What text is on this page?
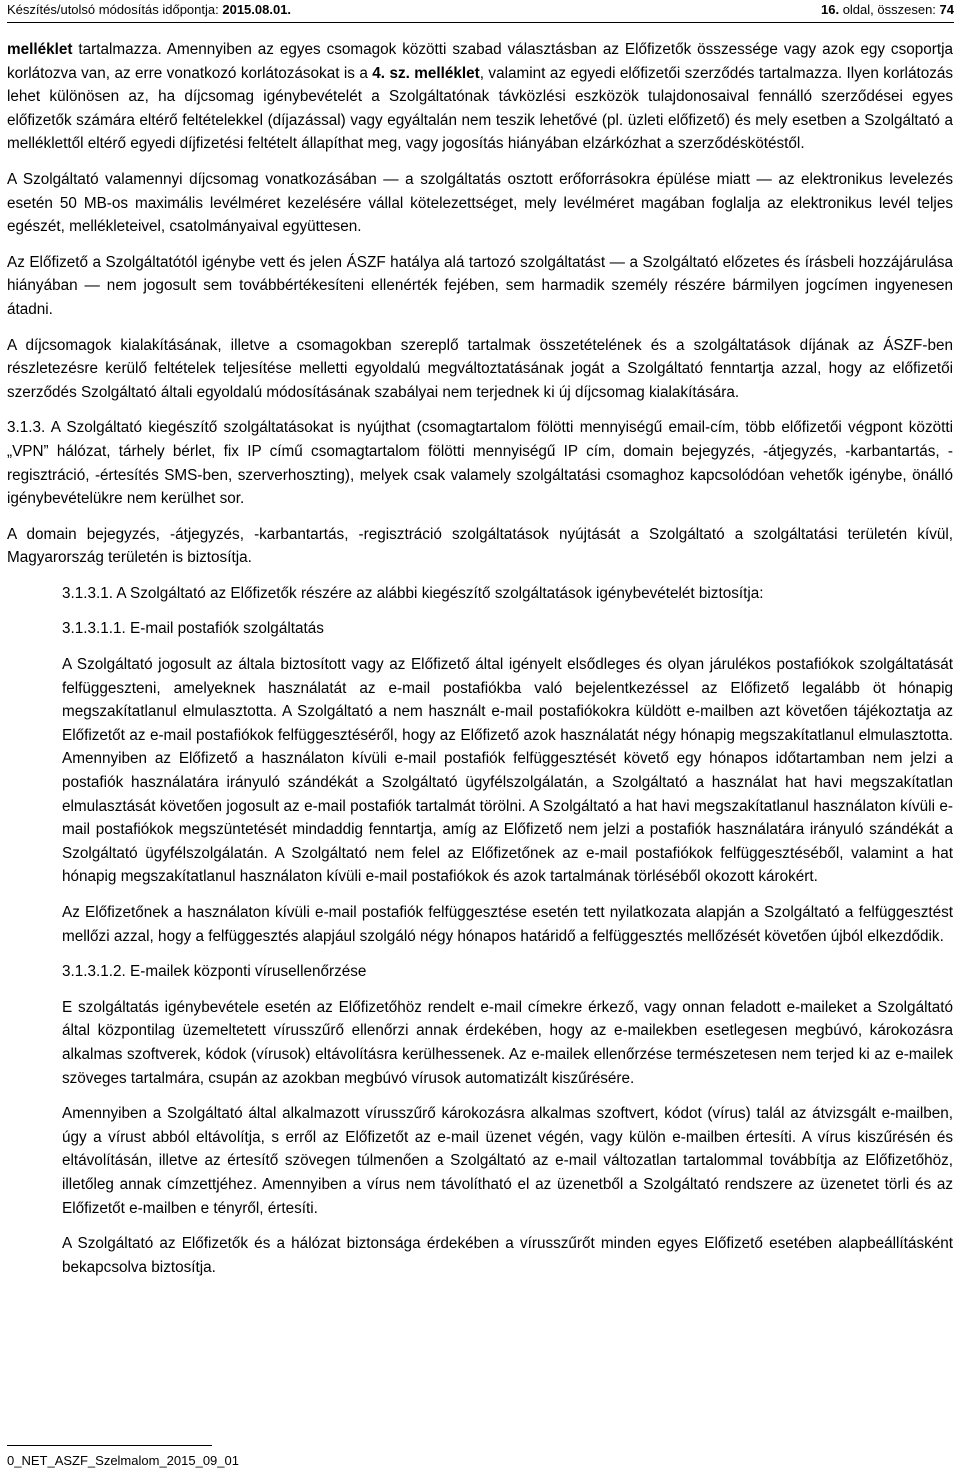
Készítés/utolsó módosítás időpontja: 2015.08.01.	16. oldal, összesen: 74

melléklet tartalmazza. Amennyiben az egyes csomagok közötti szabad választásban az Előfizetők összessége vagy azok egy csoportja korlátozva van, az erre vonatkozó korlátozásokat is a 4. sz. melléklet, valamint az egyedi előfizetői szerződés tartalmazza. Ilyen korlátozás lehet különösen az, ha díjcsomag igénybevételét a Szolgáltatónak távközlési eszközök tulajdonosaival fennálló szerződései egyes előfizetők számára eltérő feltételekkel (díjazással) vagy egyáltalán nem teszik lehetővé (pl. üzleti előfizető) és mely esetben a Szolgáltató a melléklettől eltérő egyedi díjfizetési feltételt állapíthat meg, vagy jogosítás hiányában elzárkózhat a szerződéskötéstől.

A Szolgáltató valamennyi díjcsomag vonatkozásában — a szolgáltatás osztott erőforrásokra épülése miatt — az elektronikus levelezés esetén 50 MB-os maximális levélméret kezelésére vállal kötelezettséget, mely levélméret magában foglalja az elektronikus levél teljes egészét, mellékleteivel, csatolmányaival együttesen.

Az Előfizető a Szolgáltatótól igénybe vett és jelen ÁSZF hatálya alá tartozó szolgáltatást — a Szolgáltató előzetes és írásbeli hozzájárulása hiányában — nem jogosult sem továbbértékesíteni ellenérték fejében, sem harmadik személy részére bármilyen jogcímen ingyenesen átadni.

A díjcsomagok kialakításának, illetve a csomagokban szereplő tartalmak összetételének és a szolgáltatások díjának az ÁSZF-ben részletezésre kerülő feltételek teljesítése melletti egyoldalú megváltoztatásának jogát a Szolgáltató fenntartja azzal, hogy az előfizetői szerződés Szolgáltató általi egyoldalú módosításának szabályai nem terjednek ki új díjcsomag kialakítására.

3.1.3. A Szolgáltató kiegészítő szolgáltatásokat is nyújthat (csomagtartalom fölötti mennyiségű email-cím, több előfizetői végpont közötti „VPN” hálózat, tárhely bérlet, fix IP című csomagtartalom fölötti mennyiségű IP cím, domain bejegyzés, -átjegyzés, -karbantartás, -regisztráció, -értesítés SMS-ben, szerverhoszting), melyek csak valamely szolgáltatási csomaghoz kapcsolódóan vehetők igénybe, önálló igénybevételükre nem kerülhet sor.

A domain bejegyzés, -átjegyzés, -karbantartás, -regisztráció szolgáltatások nyújtását a Szolgáltató a szolgáltatási területén kívül, Magyarország területén is biztosítja.

3.1.3.1. A Szolgáltató az Előfizetők részére az alábbi kiegészítő szolgáltatások igénybevételét biztosítja:

3.1.3.1.1. E-mail postafiók szolgáltatás

A Szolgáltató jogosult az általa biztosított vagy az Előfizető által igényelt elsődleges és olyan járulékos postafiókok szolgáltatását felfüggeszteni, amelyeknek használatát az e-mail postafiókba való bejelentkezéssel az Előfizető legalább öt hónapig megszakítatlanul elmulasztotta. A Szolgáltató a nem használt e-mail postafiókokra küldött e-mailben azt követően tájékoztatja az Előfizetőt az e-mail postafiókok felfüggesztéséről, hogy az Előfizető azok használatát négy hónapig megszakítatlanul elmulasztotta. Amennyiben az Előfizető a használaton kívüli e-mail postafiók felfüggesztését követő egy hónapos időtartamban nem jelzi a postafiók használatára irányuló szándékát a Szolgáltató ügyfélszolgálatán, a Szolgáltató a használat hat havi megszakítatlan elmulasztását követően jogosult az e-mail postafiók tartalmát törölni. A Szolgáltató a hat havi megszakítatlanul használaton kívüli e-mail postafiókok megszüntetését mindaddig fenntartja, amíg az Előfizető nem jelzi a postafiók használatára irányuló szándékát a Szolgáltató ügyfélszolgálatán. A Szolgáltató nem felel az Előfizetőnek az e-mail postafiókok felfüggesztéséből, valamint a hat hónapig megszakítatlanul használaton kívüli e-mail postafiókok és azok tartalmának törléséből okozott károkért.

Az Előfizetőnek a használaton kívüli e-mail postafiók felfüggesztése esetén tett nyilatkozata alapján a Szolgáltató a felfüggesztést mellőzi azzal, hogy a felfüggesztés alapjául szolgáló négy hónapos határidő a felfüggesztés mellőzését követően újból elkezdődik.

3.1.3.1.2. E-mailek központi vírusellenőrzése

E szolgáltatás igénybevétele esetén az Előfizetőhöz rendelt e-mail címekre érkező, vagy onnan feladott e-maileket a Szolgáltató által központilag üzemeltetett vírusszűrő ellenőrzi annak érdekében, hogy az e-mailekben esetlegesen megbúvó, károkozásra alkalmas szoftverek, kódok (vírusok) eltávolításra kerülhessenek. Az e-mailek ellenőrzése természetesen nem terjed ki az e-mailek szöveges tartalmára, csupán az azokban megbúvó vírusok automatizált kiszűrésére.

Amennyiben a Szolgáltató által alkalmazott vírusszűrő károkozásra alkalmas szoftvert, kódot (vírus) talál az átvizsgált e-mailben, úgy a vírust abból eltávolítja, s erről az Előfizetőt az e-mail üzenet végén, vagy külön e-mailben értesíti. A vírus kiszűrésén és eltávolításán, illetve az értesítő szövegen túlmenően a Szolgáltató az e-mail változatlan tartalommal továbbítja az Előfizetőhöz, illetőleg annak címzettjéhez. Amennyiben a vírus nem távolítható el az üzenetből a Szolgáltató rendszere az üzenetet törli és az Előfizetőt e-mailben e tényről, értesíti.

A Szolgáltató az Előfizetők és a hálózat biztonsága érdekében a vírusszűrőt minden egyes Előfizető esetében alapbeállításként bekapcsolva biztosítja.

0_NET_ASZF_Szelmalom_2015_09_01
